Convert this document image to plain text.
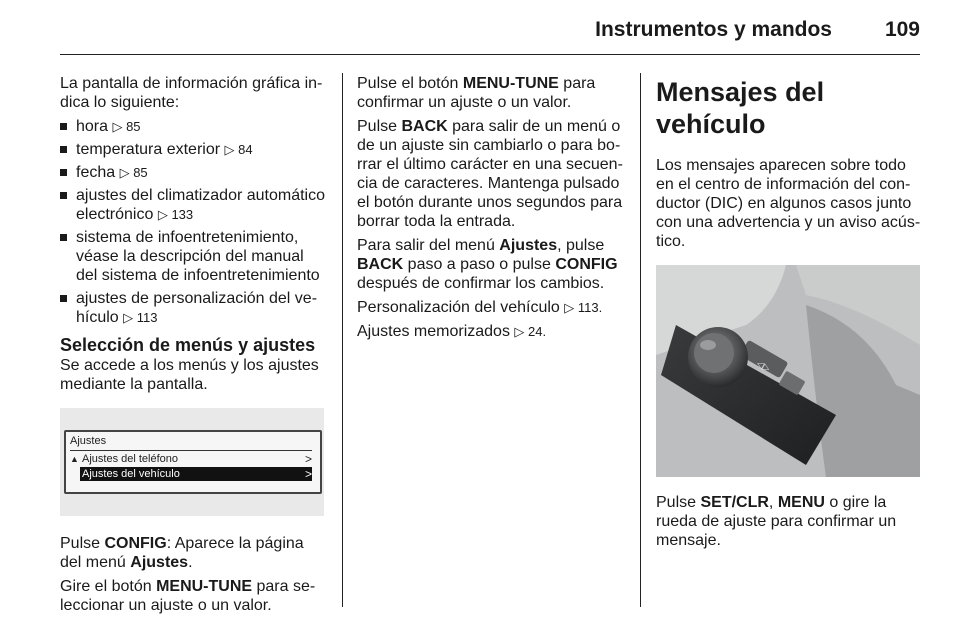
Instrumentos y mandos	109

La pantalla de información gráfica in-dica lo siguiente:

hora ▷ 85
temperatura exterior ▷ 84
fecha ▷ 85
ajustes del climatizador automático electrónico ▷ 133
sistema de infoentretenimiento, véase la descripción del manual del sistema de infoentretenimiento
ajustes de personalización del ve-hículo ▷ 113
Selección de menús y ajustes

Se accede a los menús y los ajustes mediante la pantalla.

Ajustes
▲ Ajustes del teléfono	>
Ajustes del vehículo	>

Pulse CONFIG: Aparece la página del menú Ajustes.

Gire el botón MENU-TUNE para se-leccionar un ajuste o un valor.

Pulse el botón MENU-TUNE para confirmar un ajuste o un valor.

Pulse BACK para salir de un menú o de un ajuste sin cambiarlo o para bo-rrar el último carácter en una secuen-cia de caracteres. Mantenga pulsado el botón durante unos segundos para borrar toda la entrada.

Para salir del menú Ajustes, pulse BACK paso a paso o pulse CONFIG después de confirmar los cambios.

Personalización del vehículo ▷ 113.

Ajustes memorizados ▷ 24.

Mensajes del vehículo

Los mensajes aparecen sobre todo en el centro de información del con-ductor (DIC) en algunos casos junto con una advertencia y un aviso acús-tico.

◁▷

Pulse SET/CLR, MENU o gire la rueda de ajuste para confirmar un mensaje.
